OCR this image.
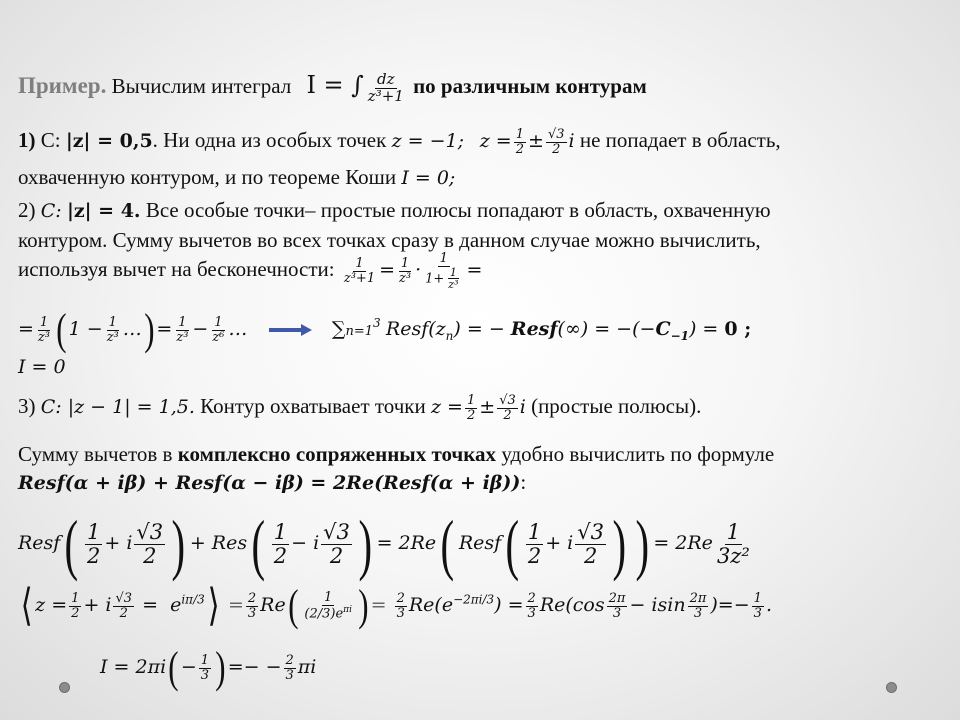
Пример. Вычислим интеграл I = ∫ $\frac{dz}{\text{z³+1}}$ по различным контурам
1) C: |z| = 0,5. Ни одна из особых точек z = −1; $z = \frac{1}{2} \pm \frac{√3}{2}$ i не попадает в область,
охваченную контуром, и по теореме Коши I = 0;
2) C: |z| = 4. Все особые точки– простые полюсы попадают в область, охваченную
контуром. Сумму вычетов во всех точках сразу в данном случае можно вычислить,
используя вычет на бесконечности: $\frac{1}{\text{z³+1}} = \frac{1}{\text{z³}} \cdot \frac{1}{1+ \frac{1}{\text{z³}}}$ =
= $\frac{1}{\text{z³}}$ ( $1 - \frac{1}{\text{z³}}$ …) = $\frac{1}{\text{z³}} - \frac{1}{\text{z⁶}}$ …	$\sum n=1^3$ $Resf(z_n)$ = − Resf(∞) = $-(-C_{-1}) = 0$ ;
I = 0
3) C: |z − 1| = 1,5. Контур охватывает точки $z = \frac{1}{2} \pm \frac{√3}{2}$ i (простые полюсы).
Сумму вычетов в комплексно сопряженных точках удобно вычислить по формуле
Resf(α + iβ) + Resf(α − iβ) = 2Re(Resf(α + iβ)):
Resf( $\frac{1}{2} + i \frac{√3}{2}$ ) + $Res( \frac{1}{2} - i \frac{√3}{2}$ ) = 2Re( Resf( $\frac{1}{2} + i \frac{√3}{2}$ ) ) = $2Re \frac{1}{\text{3z²}}$
⟨ $z = \frac{1}{2} + i \frac{√3}{2}$ =  $e^{i\pi/3}⟩ = \frac{2}{3} Re( \frac{1}{(2/3)e^{\pi i}}$ ) = $\frac{2}{3} Re(e^{-2\pi i/3}) = \frac{2}{3} Re(\cos \frac{2\pi}{3} - isin \frac{2\pi}{3}$ )=− $\frac{1}{3}$ .
$I = 2\pi i( - \frac{1}{3}$ ) =− − $\frac{2}{3}$ πi
